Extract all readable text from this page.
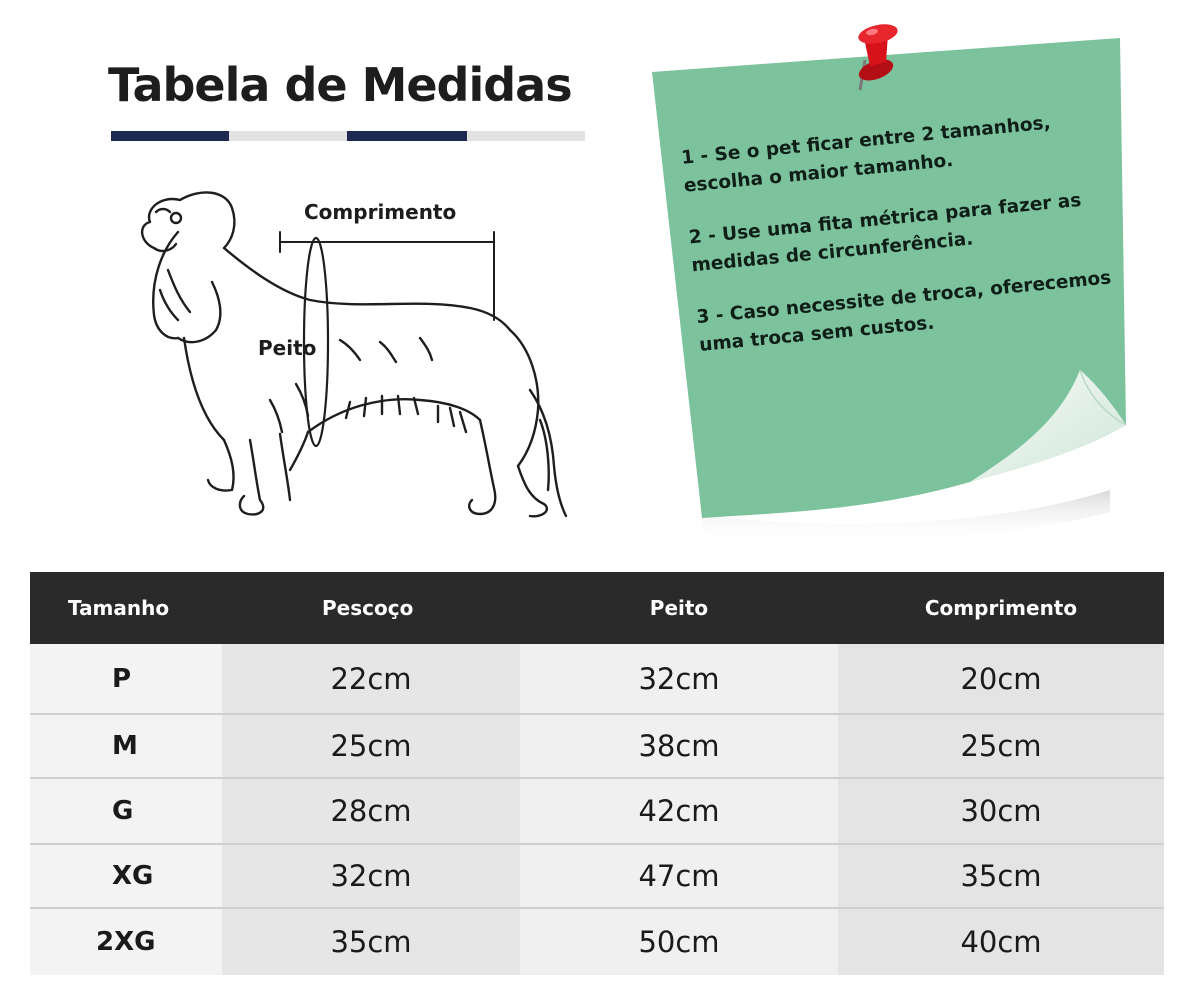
Tabela de Medidas
Comprimento
Peito

1 - Se o pet ficar entre 2 tamanhos, escolha o maior tamanho.

2 - Use uma fita métrica para fazer as medidas de circunferência.

3 - Caso necessite de troca, oferecemos uma troca sem custos.

Tamanho	Pescoço	Peito	Comprimento
P	22cm	32cm	20cm
M	25cm	38cm	25cm
G	28cm	42cm	30cm
XG	32cm	47cm	35cm
2XG	35cm	50cm	40cm
